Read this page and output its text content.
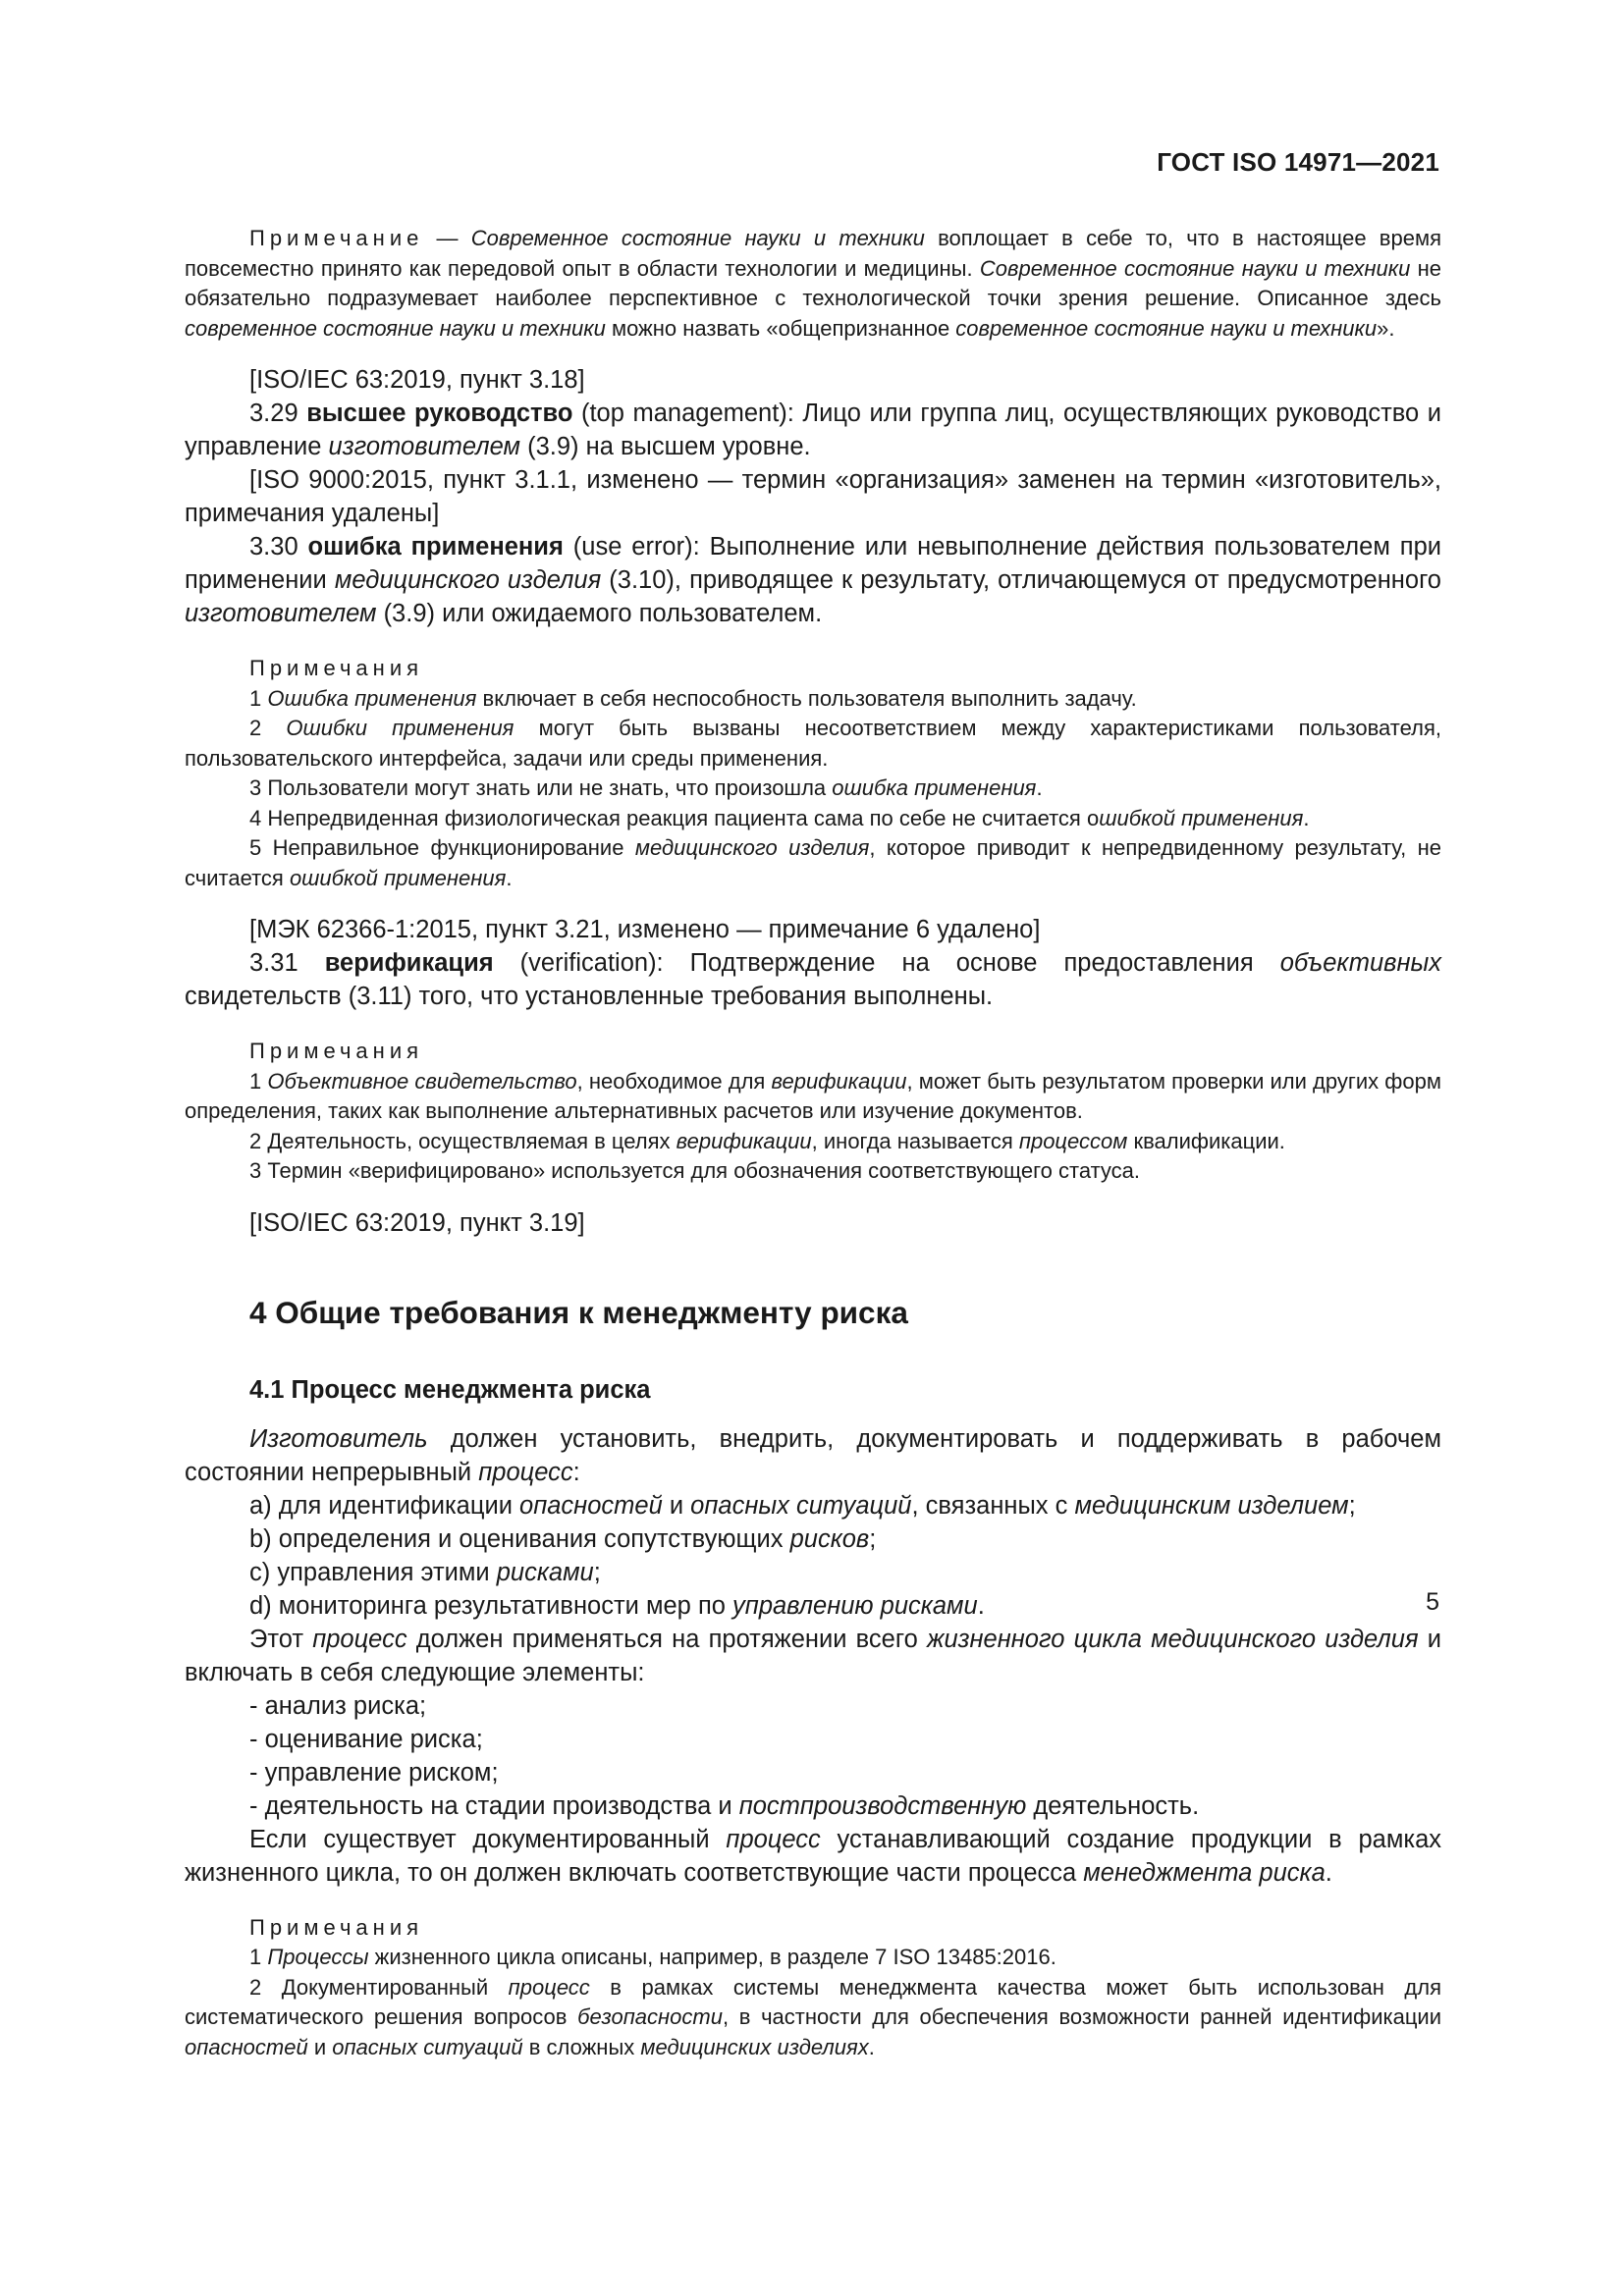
ГОСТ ISO 14971—2021

Примечание — Современное состояние науки и техники воплощает в себе то, что в настоящее время повсеместно принято как передовой опыт в области технологии и медицины. Современное состояние науки и техники не обязательно подразумевает наиболее перспективное с технологической точки зрения решение. Описанное здесь современное состояние науки и техники можно назвать «общепризнанное современное состояние науки и техники».

[ISO/IEC 63:2019, пункт 3.18]

3.29 высшее руководство (top management): Лицо или группа лиц, осуществляющих руководство и управление изготовителем (3.9) на высшем уровне.

[ISO 9000:2015, пункт 3.1.1, изменено — термин «организация» заменен на термин «изготовитель», примечания удалены]

3.30 ошибка применения (use error): Выполнение или невыполнение действия пользователем при применении медицинского изделия (3.10), приводящее к результату, отличающемуся от предусмотренного изготовителем (3.9) или ожидаемого пользователем.

Примечания

1 Ошибка применения включает в себя неспособность пользователя выполнить задачу.

2 Ошибки применения могут быть вызваны несоответствием между характеристиками пользователя, пользовательского интерфейса, задачи или среды применения.

3 Пользователи могут знать или не знать, что произошла ошибка применения.

4 Непредвиденная физиологическая реакция пациента сама по себе не считается ошибкой применения.

5 Неправильное функционирование медицинского изделия, которое приводит к непредвиденному результату, не считается ошибкой применения.

[МЭК 62366-1:2015, пункт 3.21, изменено — примечание 6 удалено]

3.31 верификация (verification): Подтверждение на основе предоставления объективных свидетельств (3.11) того, что установленные требования выполнены.

Примечания

1 Объективное свидетельство, необходимое для верификации, может быть результатом проверки или других форм определения, таких как выполнение альтернативных расчетов или изучение документов.

2 Деятельность, осуществляемая в целях верификации, иногда называется процессом квалификации.

3 Термин «верифицировано» используется для обозначения соответствующего статуса.

[ISO/IEC 63:2019, пункт 3.19]

4 Общие требования к менеджменту риска
4.1 Процесс менеджмента риска

Изготовитель должен установить, внедрить, документировать и поддерживать в рабочем состоянии непрерывный процесс:

a) для идентификации опасностей и опасных ситуаций, связанных с медицинским изделием;

b) определения и оценивания сопутствующих рисков;

c) управления этими рисками;

d) мониторинга результативности мер по управлению рисками.

Этот процесс должен применяться на протяжении всего жизненного цикла медицинского изделия и включать в себя следующие элементы:

- анализ риска;

- оценивание риска;

- управление риском;

- деятельность на стадии производства и постпроизводственную деятельность.

Если существует документированный процесс устанавливающий создание продукции в рамках жизненного цикла, то он должен включать соответствующие части процесса менеджмента риска.

Примечания

1 Процессы жизненного цикла описаны, например, в разделе 7 ISO 13485:2016.

2 Документированный процесс в рамках системы менеджмента качества может быть использован для систематического решения вопросов безопасности, в частности для обеспечения возможности ранней идентификации опасностей и опасных ситуаций в сложных медицинских изделиях.

5
